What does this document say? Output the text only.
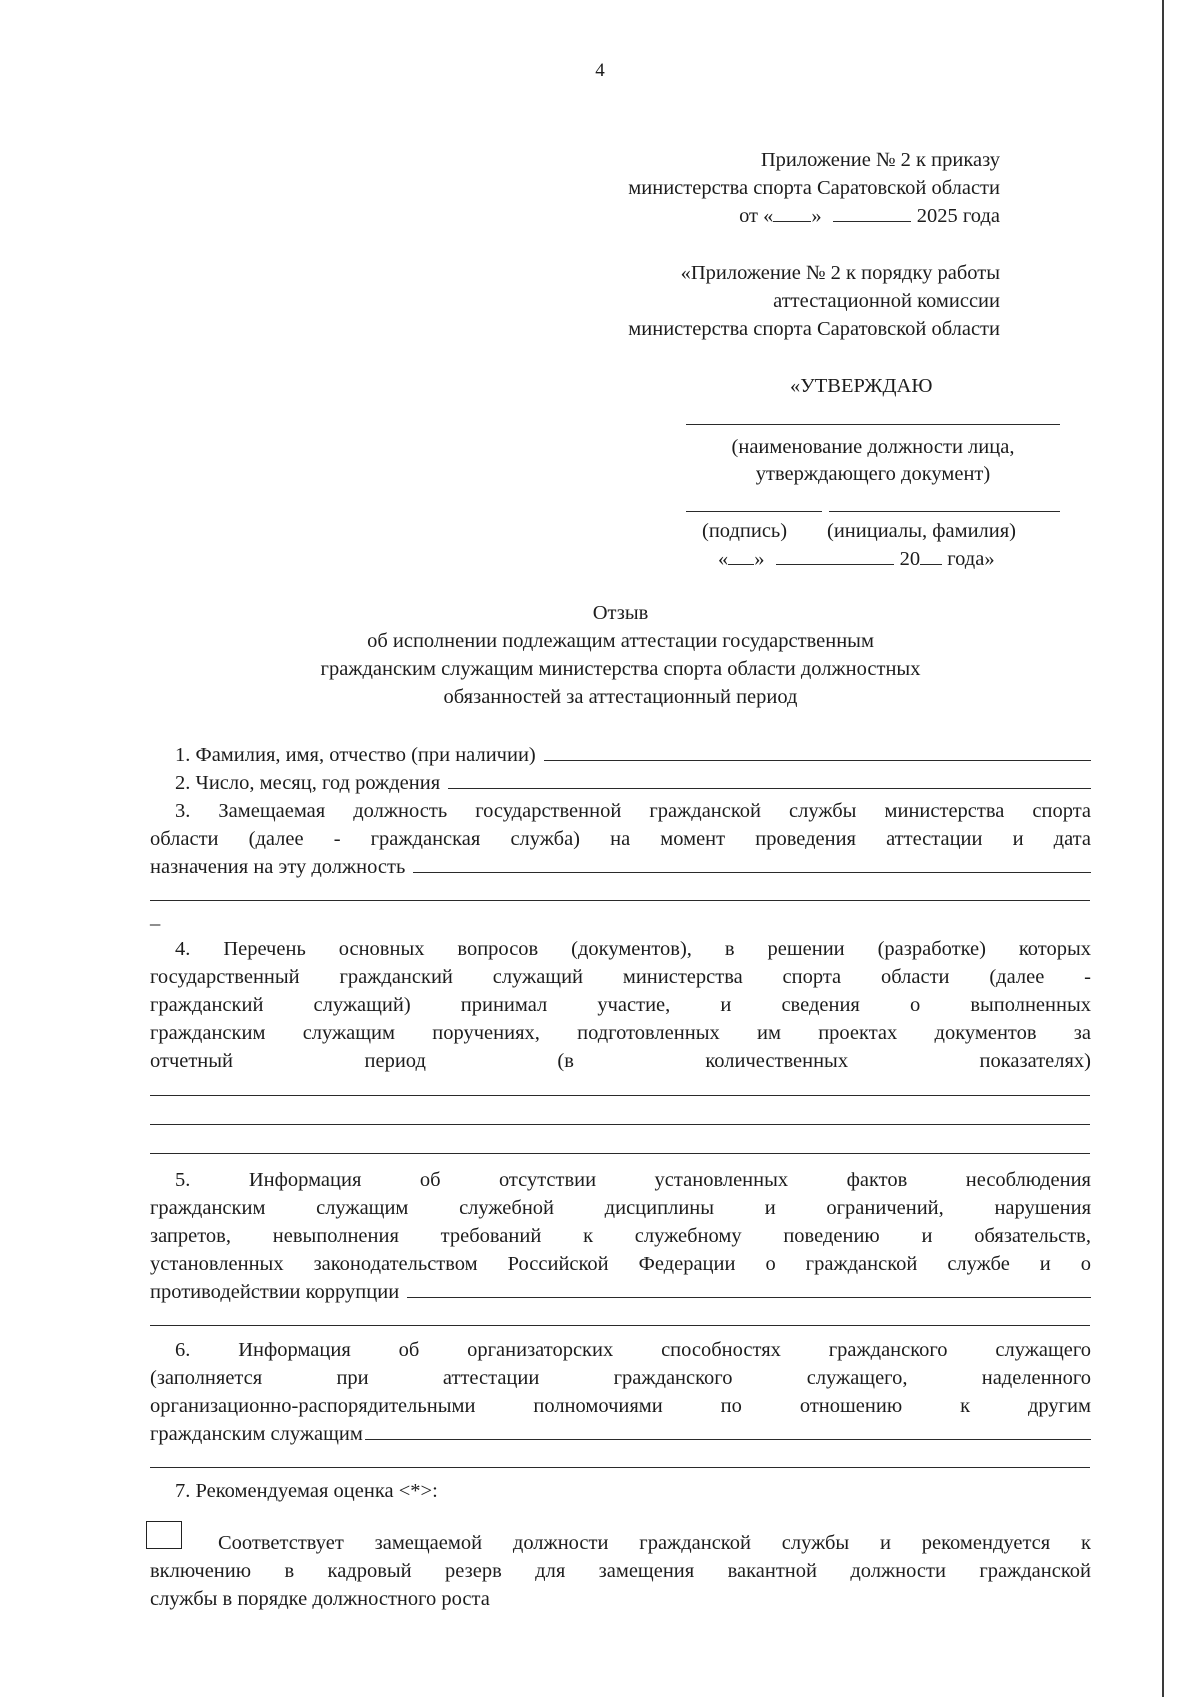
4
Приложение № 2 к приказу
министерства спорта Саратовской области
от « »	2025 года
«Приложение № 2 к порядку работы
аттестационной комиссии
министерства спорта Саратовской области
«УТВЕРЖДАЮ
(наименование должности лица,
утверждающего документ)
(подпись) (инициалы, фамилия)
« »	20 года»
Отзыв
об исполнении подлежащим аттестации государственным
гражданским служащим министерства спорта области должностных
обязанностей за аттестационный период
1. Фамилия, имя, отчество (при наличии)
2. Число, месяц, год рождения
3. Замещаемая должность государственной гражданской службы министерства спорта
области (далее - гражданская служба) на момент проведения аттестации и дата
назначения на эту должность
_
4. Перечень основных вопросов (документов), в решении (разработке) которых
государственный гражданский служащий министерства спорта области (далее -
гражданский служащий) принимал участие, и сведения о выполненных
гражданским служащим поручениях, подготовленных им проектах документов за
отчетный период (в количественных показателях)
5. Информация об отсутствии установленных фактов несоблюдения
гражданским служащим служебной дисциплины и ограничений, нарушения
запретов, невыполнения требований к служебному поведению и обязательств,
установленных законодательством Российской Федерации о гражданской службе и о
противодействии коррупции
6. Информация об организаторских способностях гражданского служащего
(заполняется при аттестации гражданского служащего, наделенного
организационно-распорядительными полномочиями по отношению к другим
гражданским служащим
7. Рекомендуемая оценка <*>:
Соответствует замещаемой должности гражданской службы и рекомендуется к
включению в кадровый резерв для замещения вакантной должности гражданской
службы в порядке должностного роста
